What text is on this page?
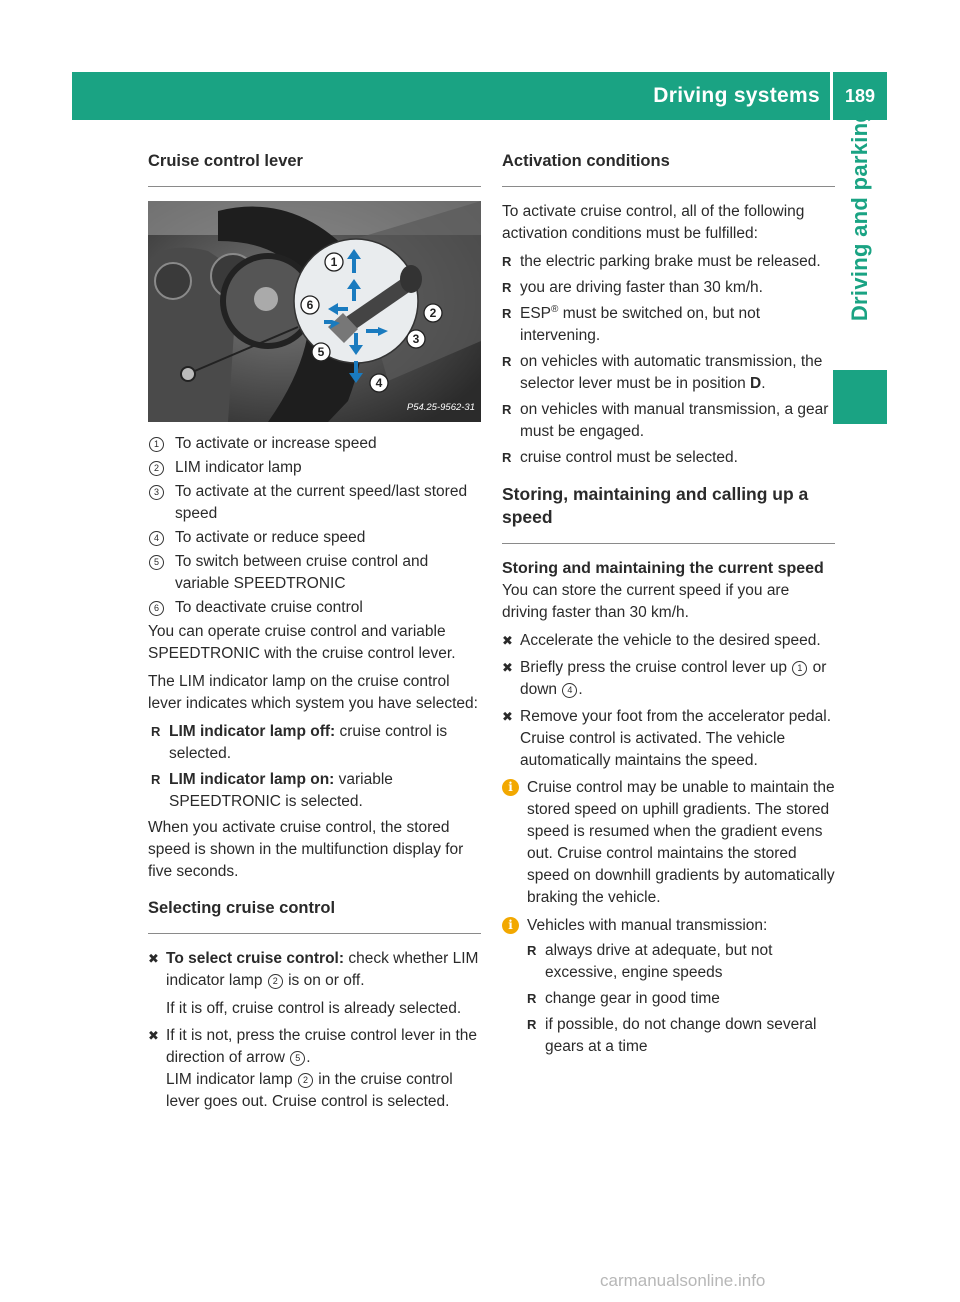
Driving systems	189
Driving and parking
Cruise control lever
1
2
3
4
5
6
P54.25-9562-31
1	To activate or increase speed
2	LIM indicator lamp
3	To activate at the current speed/last stored speed
4	To activate or reduce speed
5	To switch between cruise control and variable SPEEDTRONIC
6	To deactivate cruise control

You can operate cruise control and variable SPEEDTRONIC with the cruise control lever.

The LIM indicator lamp on the cruise control lever indicates which system you have selected:

R LIM indicator lamp off: cruise control is selected.
R LIM indicator lamp on: variable SPEEDTRONIC is selected.

When you activate cruise control, the stored speed is shown in the multifunction display for five seconds.

Selecting cruise control
✖ To select cruise control: check whether LIM indicator lamp 2 is on or off.
If it is off, cruise control is already selected.
✖ If it is not, press the cruise control lever in the direction of arrow 5 .
LIM indicator lamp 2 in the cruise control lever goes out. Cruise control is selected.
Activation conditions

To activate cruise control, all of the following activation conditions must be fulfilled:

R the electric parking brake must be released.
R you are driving faster than 30 km/h.
R ESP® must be switched on, but not intervening.
R on vehicles with automatic transmission, the selector lever must be in position D.
R on vehicles with manual transmission, a gear must be engaged.
R cruise control must be selected.
Storing, maintaining and calling up a speed
Storing and maintaining the current speed

You can store the current speed if you are driving faster than 30 km/h.

✖ Accelerate the vehicle to the desired speed.
✖ Briefly press the cruise control lever up 1 or down 4 .
✖ Remove your foot from the accelerator pedal.
Cruise control is activated. The vehicle automatically maintains the speed.
i Cruise control may be unable to maintain the stored speed on uphill gradients. The stored speed is resumed when the gradient evens out. Cruise control maintains the stored speed on downhill gradients by automatically braking the vehicle.
i Vehicles with manual transmission:
R always drive at adequate, but not excessive, engine speeds
R change gear in good time
R if possible, do not change down several gears at a time
carmanualsonline.info
